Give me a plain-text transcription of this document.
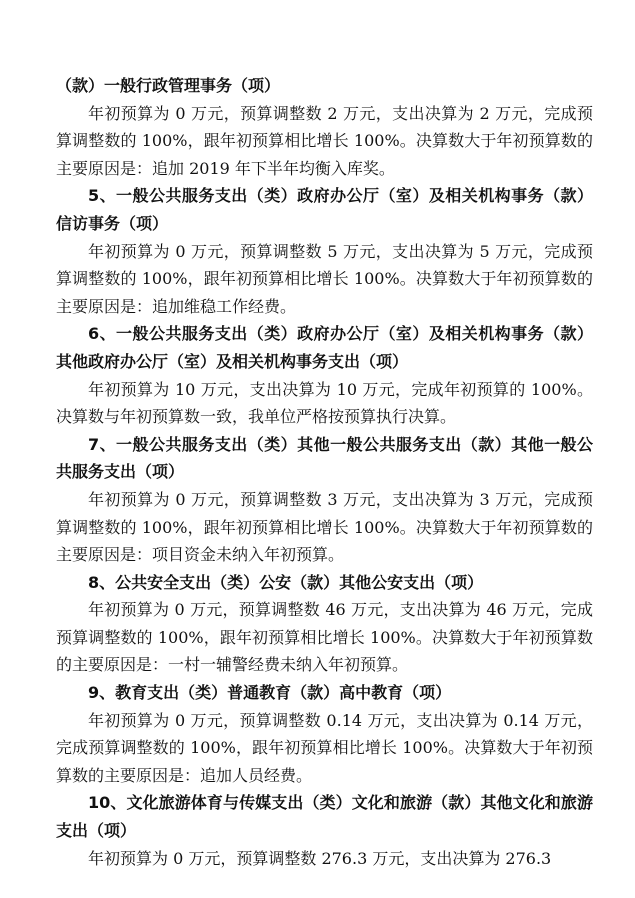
（款）一般行政管理事务（项）

年初预算为 0 万元，预算调整数 2 万元，支出决算为 2 万元，完成预算调整数的 100%，跟年初预算相比增长 100%。决算数大于年初预算数的主要原因是：追加 2019 年下半年均衡入库奖。

5、一般公共服务支出（类）政府办公厅（室）及相关机构事务（款）信访事务（项）

年初预算为 0 万元，预算调整数 5 万元，支出决算为 5 万元，完成预算调整数的 100%，跟年初预算相比增长 100%。决算数大于年初预算数的主要原因是：追加维稳工作经费。

6、一般公共服务支出（类）政府办公厅（室）及相关机构事务（款）其他政府办公厅（室）及相关机构事务支出（项）

年初预算为 10 万元，支出决算为 10 万元，完成年初预算的 100%。决算数与年初预算数一致，我单位严格按预算执行决算。

7、一般公共服务支出（类）其他一般公共服务支出（款）其他一般公共服务支出（项）

年初预算为 0 万元，预算调整数 3 万元，支出决算为 3 万元，完成预算调整数的 100%，跟年初预算相比增长 100%。决算数大于年初预算数的主要原因是：项目资金未纳入年初预算。

8、公共安全支出（类）公安（款）其他公安支出（项）

年初预算为 0 万元，预算调整数 46 万元，支出决算为 46 万元，完成预算调整数的 100%，跟年初预算相比增长 100%。决算数大于年初预算数的主要原因是：一村一辅警经费未纳入年初预算。

9、教育支出（类）普通教育（款）高中教育（项）

年初预算为 0 万元，预算调整数 0.14 万元，支出决算为 0.14 万元，完成预算调整数的 100%，跟年初预算相比增长 100%。决算数大于年初预算数的主要原因是：追加人员经费。

10、文化旅游体育与传媒支出（类）文化和旅游（款）其他文化和旅游支出（项）

年初预算为 0 万元，预算调整数 276.3 万元，支出决算为 276.3
